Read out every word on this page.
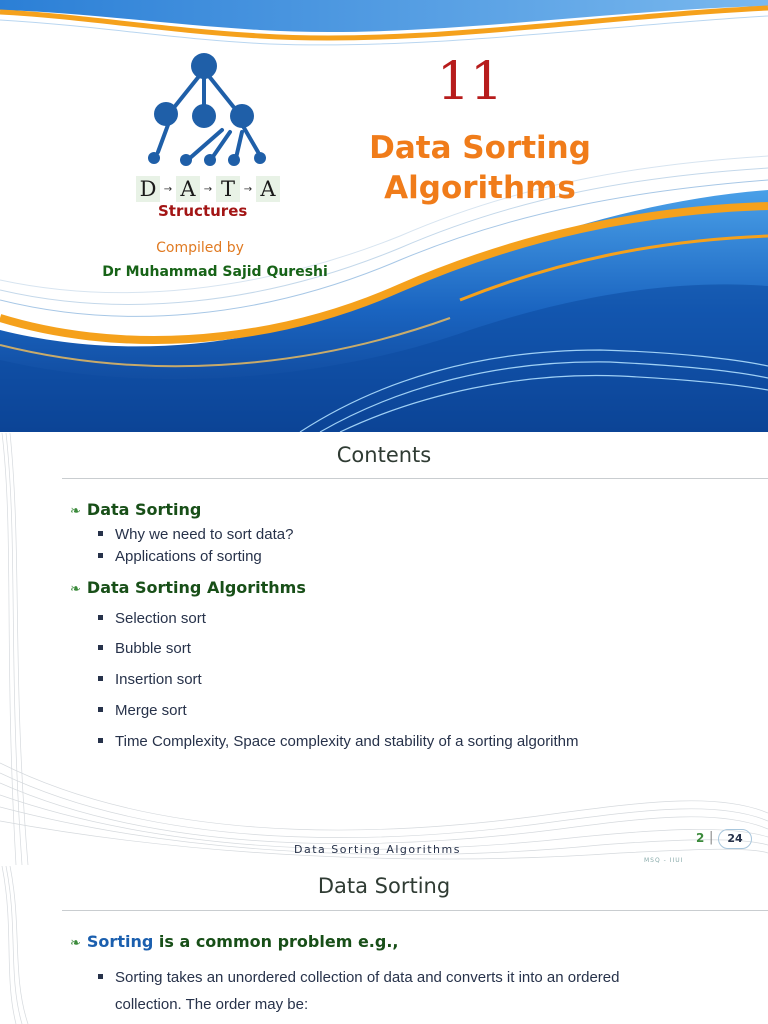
D → A → T → A
Structures
11
Data Sorting
Algorithms
Compiled by
Dr Muhammad Sajid Qureshi
Contents
❧ Data Sorting
Why we need to sort data?
Applications of sorting
❧ Data Sorting Algorithms
Selection sort
Bubble sort
Insertion sort
Merge sort
Time Complexity, Space complexity and stability of a sorting algorithm
Data Sorting Algorithms
2 |	24
MSQ - IIUI
Data Sorting
❧ Sorting is a common problem e.g.,
Sorting takes an unordered collection of data and converts it into an ordered
collection. The order may be:
